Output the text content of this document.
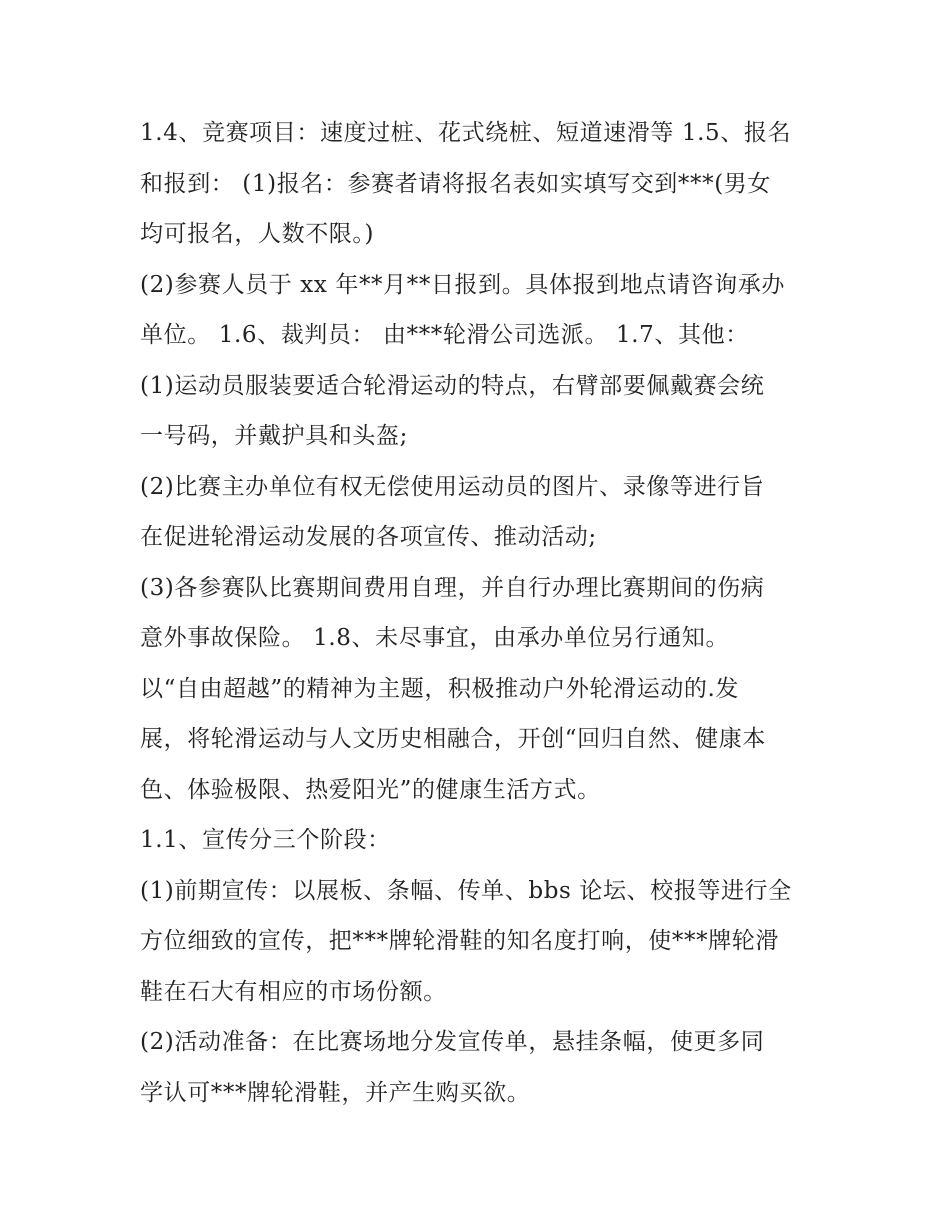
1.4、竞赛项目：速度过桩、花式绕桩、短道速滑等 1.5、报名
和报到： (1)报名：参赛者请将报名表如实填写交到***(男女
均可报名，人数不限。)
(2)参赛人员于 xx 年**月**日报到。具体报到地点请咨询承办
单位。 1.6、裁判员： 由***轮滑公司选派。 1.7、其他：
(1)运动员服装要适合轮滑运动的特点，右臂部要佩戴赛会统
一号码，并戴护具和头盔;
(2)比赛主办单位有权无偿使用运动员的图片、录像等进行旨
在促进轮滑运动发展的各项宣传、推动活动;
(3)各参赛队比赛期间费用自理，并自行办理比赛期间的伤病
意外事故保险。 1.8、未尽事宜，由承办单位另行通知。
以“自由超越”的精神为主题，积极推动户外轮滑运动的.发
展，将轮滑运动与人文历史相融合，开创“回归自然、健康本
色、体验极限、热爱阳光”的健康生活方式。
1.1、宣传分三个阶段：
(1)前期宣传：以展板、条幅、传单、bbs 论坛、校报等进行全
方位细致的宣传，把***牌轮滑鞋的知名度打响，使***牌轮滑
鞋在石大有相应的市场份额。
(2)活动准备：在比赛场地分发宣传单，悬挂条幅，使更多同
学认可***牌轮滑鞋，并产生购买欲。
